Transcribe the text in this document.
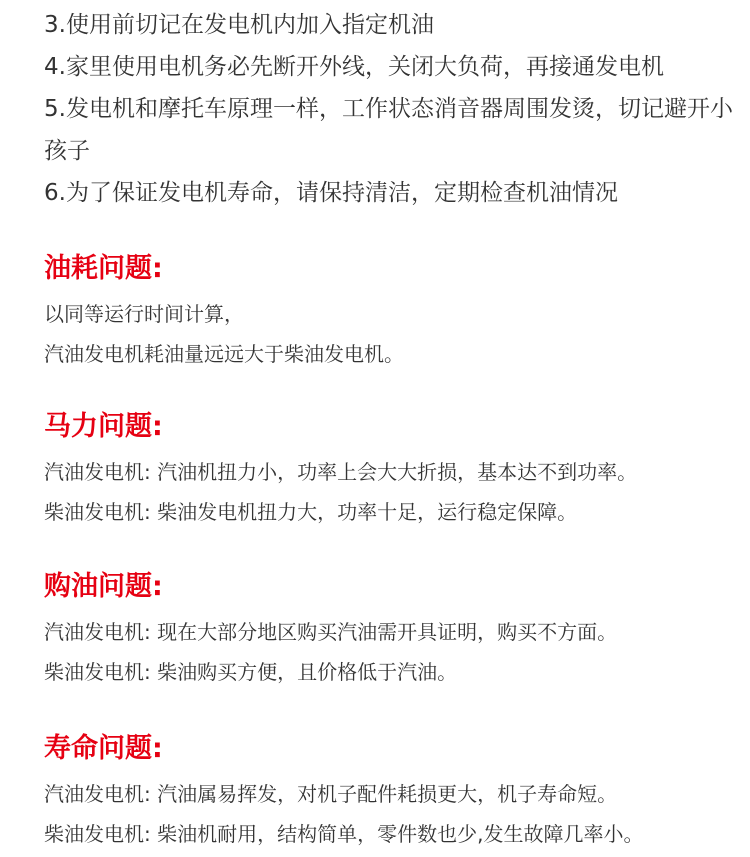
3.使用前切记在发电机内加入指定机油
4.家里使用电机务必先断开外线，关闭大负荷，再接通发电机
5.发电机和摩托车原理一样，工作状态消音器周围发烫，切记避开小孩子
6.为了保证发电机寿命，请保持清洁，定期检查机油情况
油耗问题:
以同等运行时间计算，
汽油发电机耗油量远远大于柴油发电机。
马力问题:
汽油发电机: 汽油机扭力小，功率上会大大折损，基本达不到功率。
柴油发电机: 柴油发电机扭力大，功率十足，运行稳定保障。
购油问题:
汽油发电机: 现在大部分地区购买汽油需开具证明，购买不方面。
柴油发电机: 柴油购买方便，且价格低于汽油。
寿命问题:
汽油发电机: 汽油属易挥发，对机子配件耗损更大，机子寿命短。
柴油发电机: 柴油机耐用，结构简单，零件数也少,发生故障几率小。
